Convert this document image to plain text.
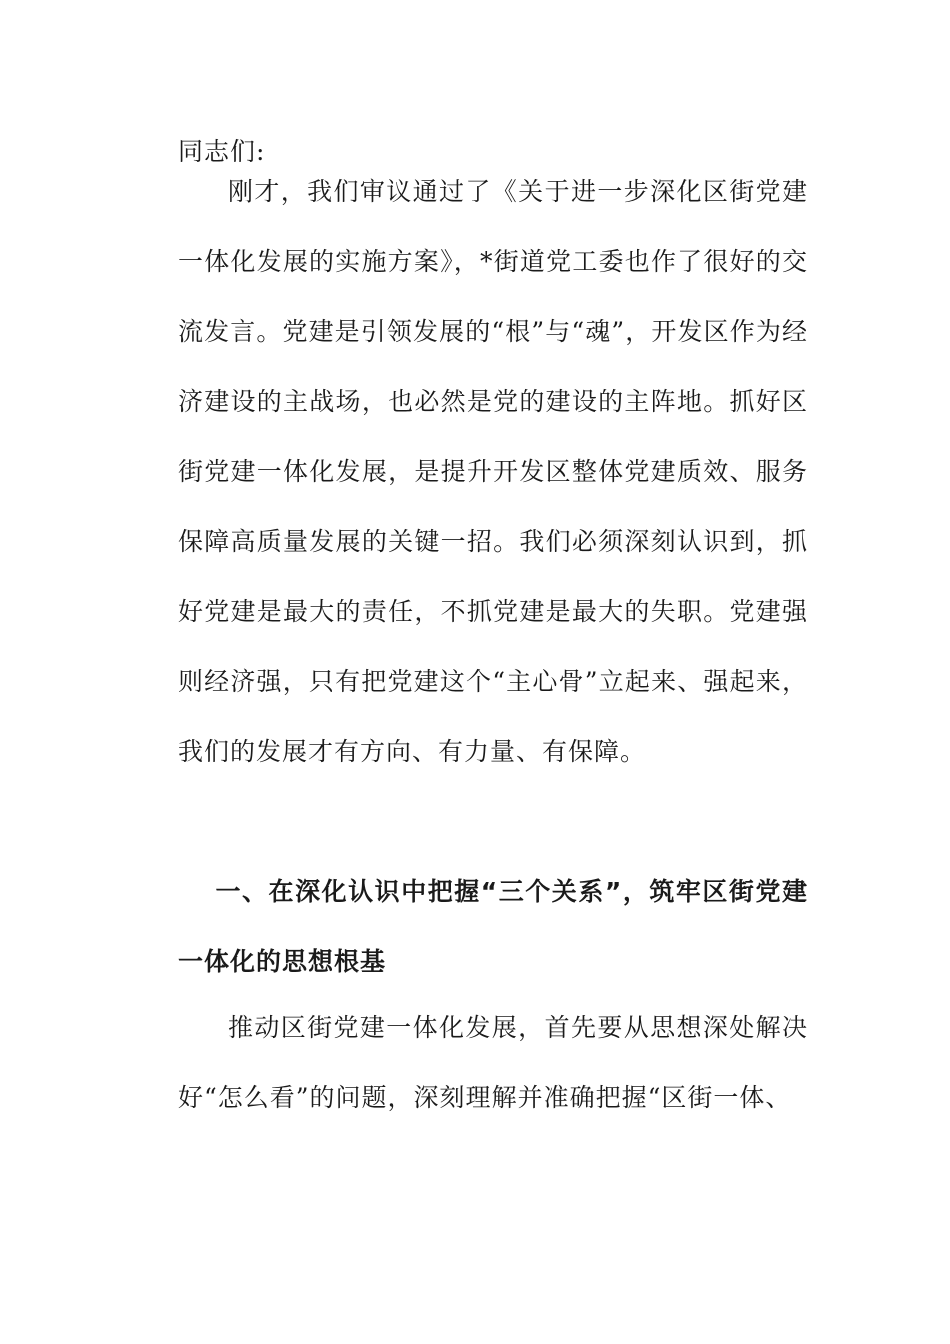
同志们:

刚才，我们审议通过了《关于进一步深化区街党建一体化发展的实施方案》，*街道党工委也作了很好的交流发言。党建是引领发展的“根”与“魂”，开发区作为经济建设的主战场，也必然是党的建设的主阵地。抓好区街党建一体化发展，是提升开发区整体党建质效、服务保障高质量发展的关键一招。我们必须深刻认识到，抓好党建是最大的责任，不抓党建是最大的失职。党建强则经济强，只有把党建这个“主心骨”立起来、强起来，我们的发展才有方向、有力量、有保障。

一、在深化认识中把握“三个关系”，筑牢区街党建一体化的思想根基

推动区街党建一体化发展，首先要从思想深处解决好“怎么看”的问题，深刻理解并准确把握“区街一体、
